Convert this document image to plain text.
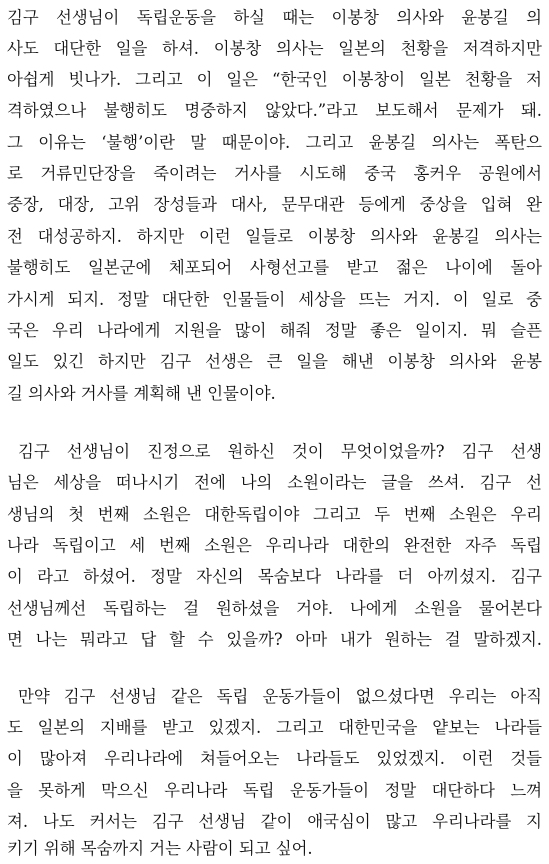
김구 선생님이 독립운동을 하실 때는 이봉창 의사와 윤봉길 의
사도 대단한 일을 하셔. 이봉창 의사는 일본의 천황을 저격하지만
아쉽게 빗나가. 그리고 이 일은 “한국인 이봉창이 일본 천황을 저
격하였으나 불행히도 명중하지 않았다.”라고 보도해서 문제가 돼.
그 이유는 ‘불행’이란 말 때문이야. 그리고 윤봉길 의사는 폭탄으
로 거류민단장을 죽이려는 거사를 시도해 중국 홍커우 공원에서
중장, 대장, 고위 장성들과 대사, 문무대관 등에게 중상을 입혀 완
전 대성공하지. 하지만 이런 일들로 이봉창 의사와 윤봉길 의사는
불행히도 일본군에 체포되어 사형선고를 받고 젊은 나이에 돌아
가시게 되지. 정말 대단한 인물들이 세상을 뜨는 거지. 이 일로 중
국은 우리 나라에게 지원을 많이 해줘 정말 좋은 일이지. 뭐 슬픈
일도 있긴 하지만 김구 선생은 큰 일을 해낸 이봉창 의사와 윤봉
길 의사와 거사를 계획해 낸 인물이야.
김구 선생님이 진정으로 원하신 것이 무엇이었을까? 김구 선생
님은 세상을 떠나시기 전에 나의 소원이라는 글을 쓰셔. 김구 선
생님의 첫 번째 소원은 대한독립이야 그리고 두 번째 소원은 우리
나라 독립이고 세 번째 소원은 우리나라 대한의 완전한 자주 독립
이 라고 하셨어. 정말 자신의 목숨보다 나라를 더 아끼셨지. 김구
선생님께선 독립하는 걸 원하셨을 거야. 나에게 소원을 물어본다
면 나는 뭐라고 답 할 수 있을까? 아마 내가 원하는 걸 말하겠지.
만약 김구 선생님 같은 독립 운동가들이 없으셨다면 우리는 아직
도 일본의 지배를 받고 있겠지. 그리고 대한민국을 얕보는 나라들
이 많아져 우리나라에 쳐들어오는 나라들도 있었겠지. 이런 것들
을 못하게 막으신 우리나라 독립 운동가들이 정말 대단하다 느껴
져. 나도 커서는 김구 선생님 같이 애국심이 많고 우리나라를 지
키기 위해 목숨까지 거는 사람이 되고 싶어.
